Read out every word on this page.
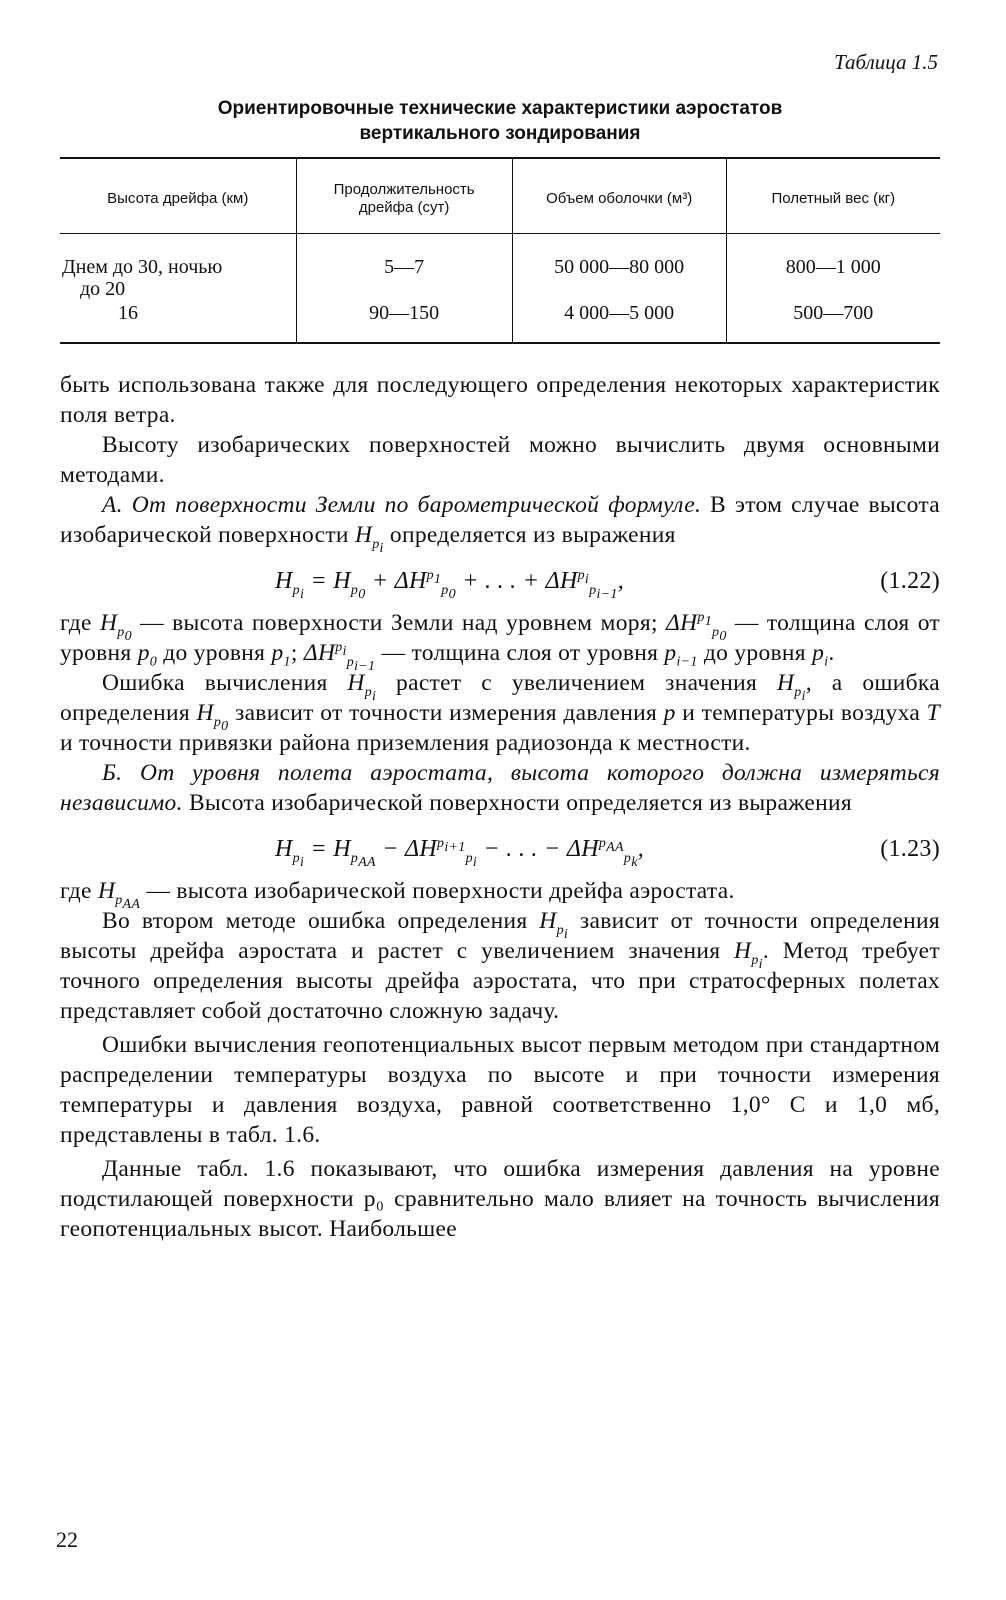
Таблица 1.5
Ориентировочные технические характеристики аэростатов
вертикального зондирования
Высота дрейфа (км)	Продолжительность дрейфа (сут)	Объем оболочки (м³)	Полетный вес (кг)
Днем до 30, ночью
до 20	5—7	50 000—80 000	800—1 000

16	90—150	4 000—5 000	500—700

быть использована также для последующего определения некоторых характеристик поля ветра.

Высоту изобарических поверхностей можно вычислить двумя основными методами.

А. От поверхности Земли по барометрической формуле. В этом случае высота изобарической поверхности $H_{p_i}$ определяется из выражения

$H_{p_i} = H_{p_0} + \Delta H^{p_1}_{p_0}$ + . . . + $\Delta H^{p_i}_{p_{i-1}}$,	(1.22)

где $H_{p_0}$ — высота поверхности Земли над уровнем моря; $\Delta H^{p_1}_{p_0}$ — толщина слоя от уровня $p_0$ до уровня $p_1$; $\Delta H^{p_i}_{p_{i-1}}$ — толщина слоя от уровня $p_{i-1}$ до уровня $p_i$.

Ошибка вычисления $H_{p_i}$ растет с увеличением значения $H_{p_i}$, а ошибка определения $H_{p_0}$ зависит от точности измерения давления p и температуры воздуха T и точности привязки района приземления радиозонда к местности.

Б. От уровня полета аэростата, высота которого должна измеряться независимо. Высота изобарической поверхности определяется из выражения

$H_{p_i} = H_{p_{AA}} - \Delta H^{p_{i+1}}_{p_i}$ − . . . − $\Delta H^{p_{AA}}_{p_k}$,	(1.23)

где $H_{p_{AA}}$ — высота изобарической поверхности дрейфа аэростата.

Во втором методе ошибка определения $H_{p_i}$ зависит от точности определения высоты дрейфа аэростата и растет с увеличением значения $H_{p_i}$. Метод требует точного определения высоты дрейфа аэростата, что при стратосферных полетах представляет собой достаточно сложную задачу.

Ошибки вычисления геопотенциальных высот первым методом при стандартном распределении температуры воздуха по высоте и при точности измерения температуры и давления воздуха, равной соответственно 1,0° С и 1,0 мб, представлены в табл. 1.6.

Данные табл. 1.6 показывают, что ошибка измерения давления на уровне подстилающей поверхности p₀ сравнительно мало влияет на точность вычисления геопотенциальных высот. Наибольшее

22
